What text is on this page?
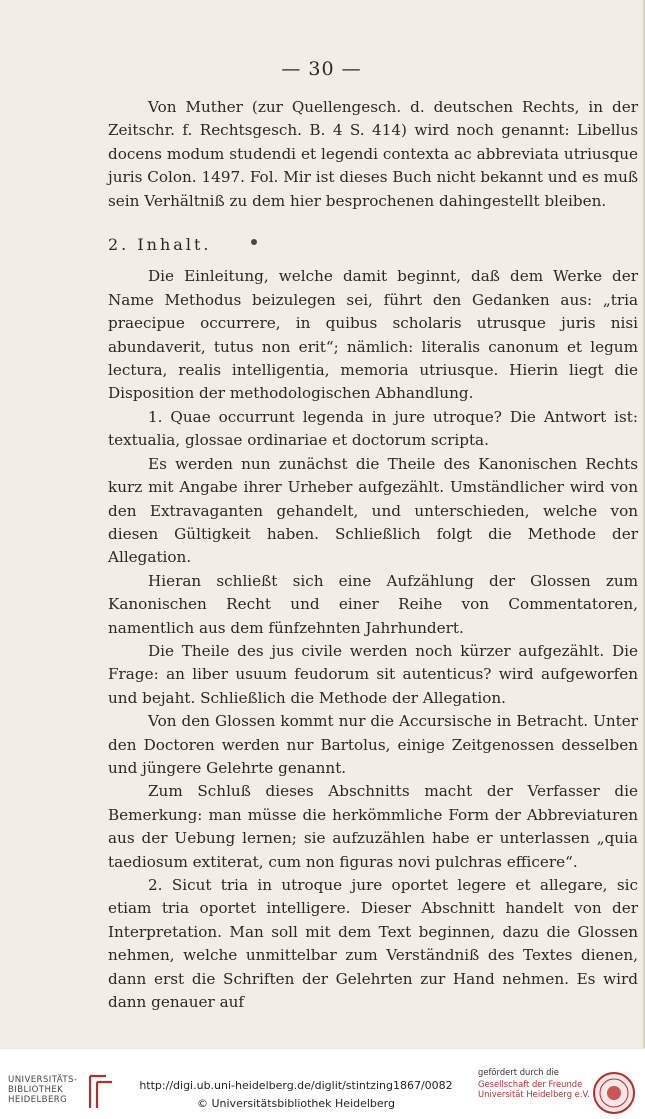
— 30 —

Von Muther (zur Quellengesch. d. deutschen Rechts, in der Zeitschr. f. Rechtsgesch. B. 4 S. 414) wird noch genannt: Libellus docens modum studendi et legendi contexta ac abbreviata utriusque juris Colon. 1497. Fol. Mir ist dieses Buch nicht bekannt und es muß sein Verhältniß zu dem hier besprochenen dahingestellt bleiben.

2. Inhalt.

Die Einleitung, welche damit beginnt, daß dem Werke der Name Methodus beizulegen sei, führt den Gedanken aus: „tria praecipue occurrere, in quibus scholaris utrusque juris nisi abundaverit, tutus non erit“; nämlich: literalis canonum et legum lectura, realis intelligentia, memoria utriusque. Hierin liegt die Disposition der methodologischen Abhandlung.

1. Quae occurrunt legenda in jure utroque? Die Antwort ist: textualia, glossae ordinariae et doctorum scripta.

Es werden nun zunächst die Theile des Kanonischen Rechts kurz mit Angabe ihrer Urheber aufgezählt. Umständlicher wird von den Extravaganten gehandelt, und unterschieden, welche von diesen Gültigkeit haben. Schließlich folgt die Methode der Allegation.

Hieran schließt sich eine Aufzählung der Glossen zum Kanonischen Recht und einer Reihe von Commentatoren, namentlich aus dem fünfzehnten Jahrhundert.

Die Theile des jus civile werden noch kürzer aufgezählt. Die Frage: an liber usuum feudorum sit autenticus? wird aufgeworfen und bejaht. Schließlich die Methode der Allegation.

Von den Glossen kommt nur die Accursische in Betracht. Unter den Doctoren werden nur Bartolus, einige Zeitgenossen desselben und jüngere Gelehrte genannt.

Zum Schluß dieses Abschnitts macht der Verfasser die Bemerkung: man müsse die herkömmliche Form der Abbreviaturen aus der Uebung lernen; sie aufzuzählen habe er unterlassen „quia taediosum extiterat, cum non figuras novi pulchras efficere“.

2. Sicut tria in utroque jure oportet legere et allegare, sic etiam tria oportet intelligere. Dieser Abschnitt handelt von der Interpretation. Man soll mit dem Text beginnen, dazu die Glossen nehmen, welche unmittelbar zum Verständniß des Textes dienen, dann erst die Schriften der Gelehrten zur Hand nehmen. Es wird dann genauer auf

UNIVERSITÄTS-BIBLIOTHEK HEIDELBERG
http://digi.ub.uni-heidelberg.de/diglit/stintzing1867/0082
© Universitätsbibliothek Heidelberg
gefördert durch die
Gesellschaft der Freunde
Universität Heidelberg e.V.
